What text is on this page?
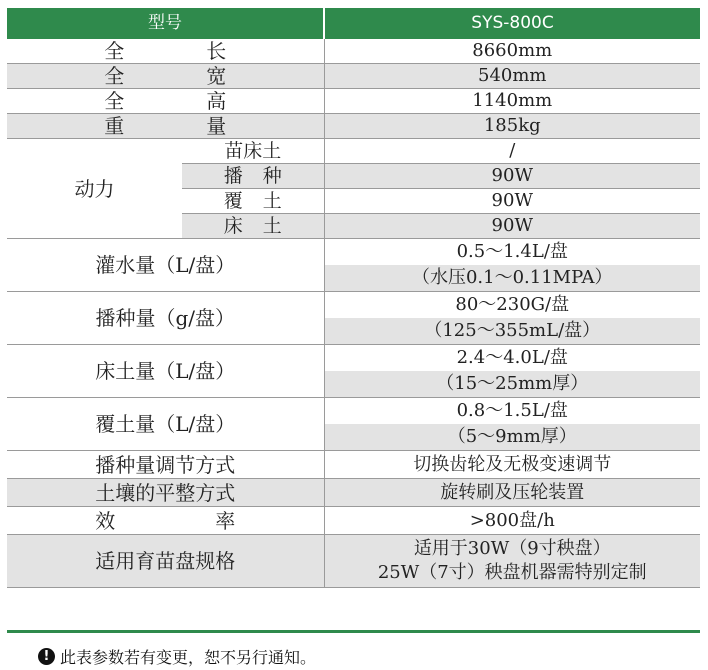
型号		SYS-800C

全 长		8660mm

全 宽		540mm

全 高		1140mm

重 量		185kg
动力	苗床土	/

	播 种	90W

	覆 土	90W

	床 土	90W
灌水量（L/盘）		0.5～1.4L/盘
		（水压0.1～0.11MPA）
播种量（g/盘）		80～230G/盘
		（125～355mL/盘）
床土量（L/盘）		2.4～4.0L/盘
		（15～25mm厚）
覆土量（L/盘）		0.8～1.5L/盘
		（5～9mm厚）
播种量调节方式		切换齿轮及无极变速调节
土壤的平整方式		旋转刷及压轮装置

效 率		>800盘/h
适用育苗盘规格		适用于30W（9寸秧盘）
25W（7寸）秧盘机器需特别定制
! 此表参数若有变更，恕不另行通知。
